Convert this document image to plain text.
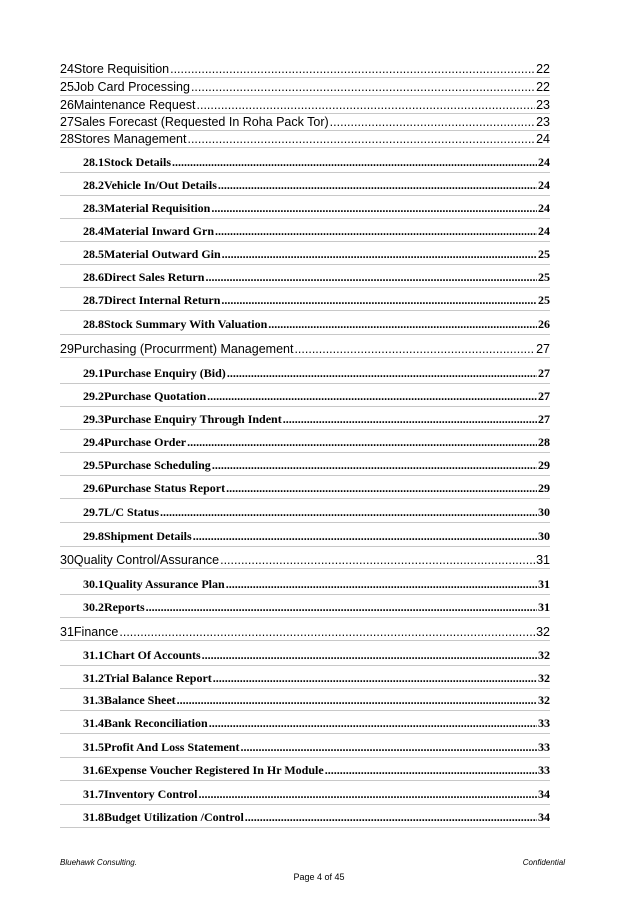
24 Store Requisition .....	22
25 Job Card Processing .....	22
26 Maintenance Request .....	23
27 Sales Forecast (Requested In Roha Pack Tor) .....	23
28 Stores Management .....	24
28.1 Stock Details .....	24
28.2 Vehicle In/Out Details .....	24
28.3 Material Requisition .....	24
28.4 Material Inward Grn .....	24
28.5 Material Outward Gin .....	25
28.6 Direct Sales Return .....	25
28.7 Direct Internal Return .....	25
28.8 Stock Summary With Valuation .....	26
29 Purchasing (Procurrment) Management .....	27
29.1 Purchase Enquiry (Bid) .....	27
29.2 Purchase Quotation .....	27
29.3 Purchase Enquiry Through Indent .....	27
29.4 Purchase Order .....	28
29.5 Purchase Scheduling .....	29
29.6 Purchase Status Report .....	29
29.7 L/C Status .....	30
29.8 Shipment Details .....	30
30 Quality Control/Assurance .....	31
30.1 Quality Assurance Plan .....	31
30.2 Reports .....	31
31 Finance .....	32
31.1 Chart Of Accounts .....	32
31.2 Trial Balance Report .....	32
31.3 Balance Sheet .....	32
31.4 Bank Reconciliation .....	33
31.5 Profit And Loss Statement .....	33
31.6 Expense Voucher Registered In Hr Module .....	33
31.7 Inventory Control .....	34
31.8 Budget Utilization /Control .....	34
Bluehawk Consulting.	Confidential
Page 4 of 45
